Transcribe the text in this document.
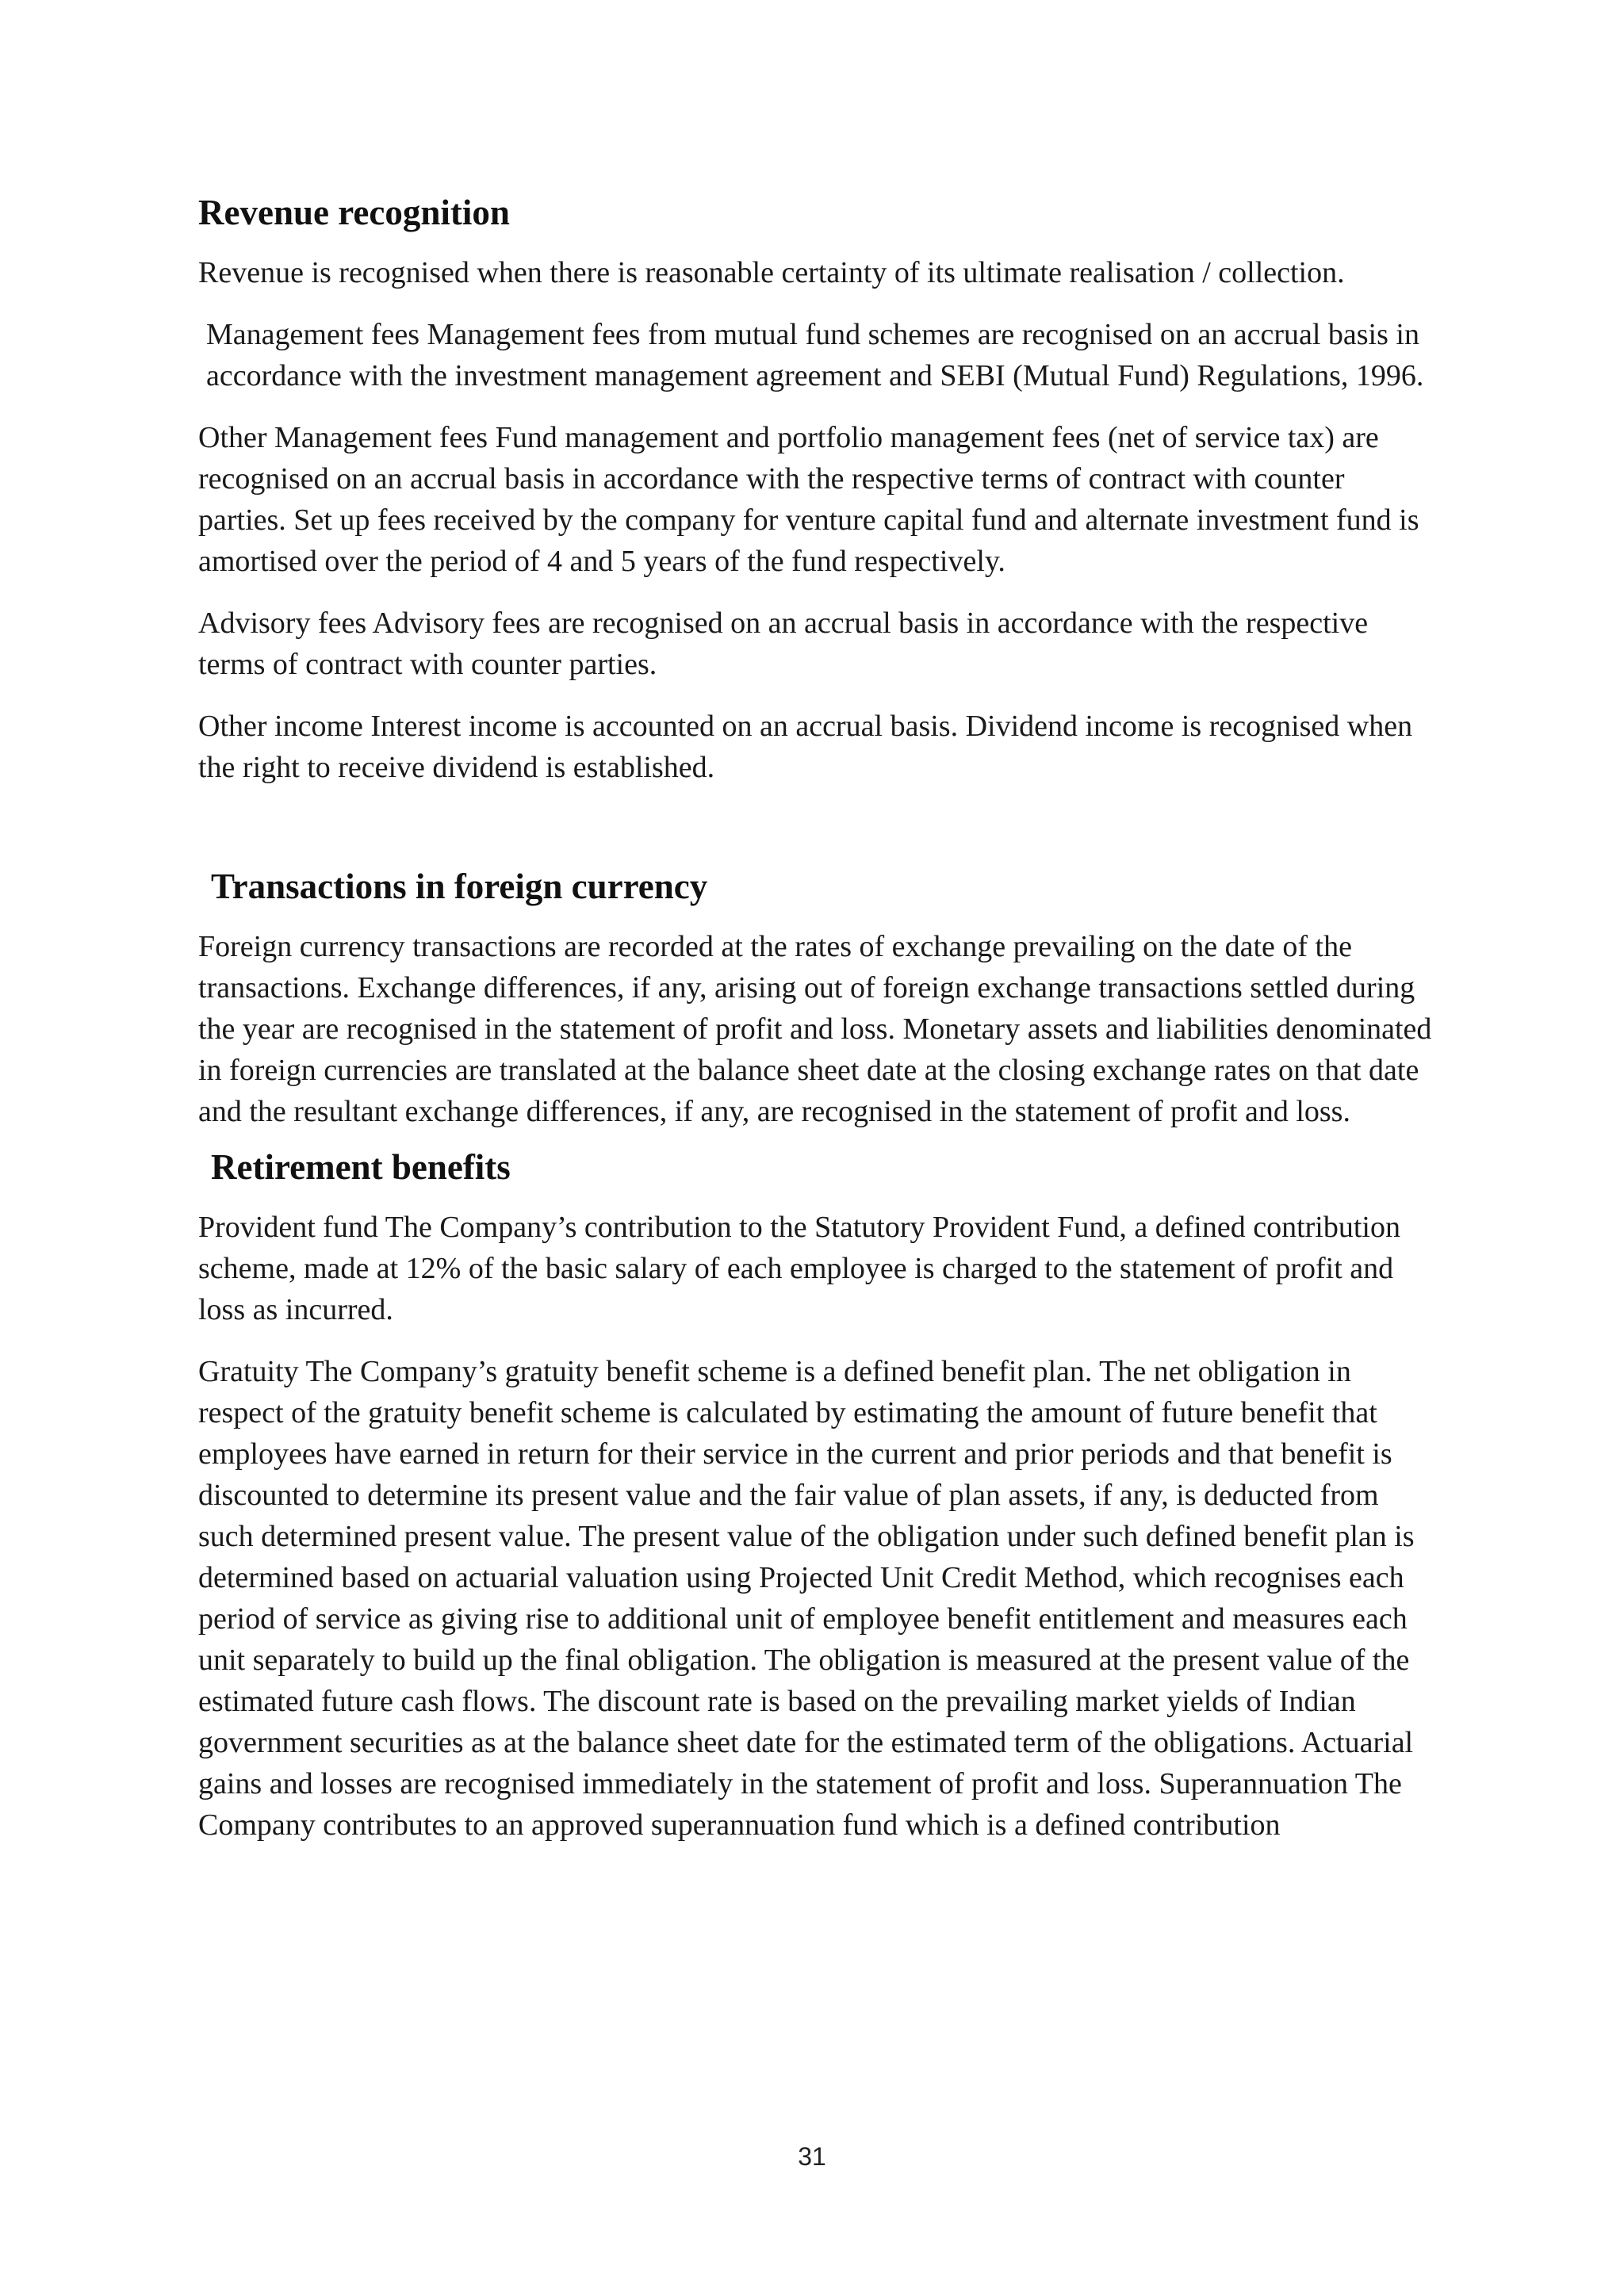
Revenue recognition

Revenue is recognised when there is reasonable certainty of its ultimate realisation / collection.

Management fees Management fees from mutual fund schemes are recognised on an accrual basis in accordance with the investment management agreement and SEBI (Mutual Fund) Regulations, 1996.

Other Management fees Fund management and portfolio management fees (net of service tax) are recognised on an accrual basis in accordance with the respective terms of contract with counter parties. Set up fees received by the company for venture capital fund and alternate investment fund is amortised over the period of 4 and 5 years of the fund respectively.

Advisory fees Advisory fees are recognised on an accrual basis in accordance with the respective terms of contract with counter parties.

Other income Interest income is accounted on an accrual basis. Dividend income is recognised when the right to receive dividend is established.

Transactions in foreign currency

Foreign currency transactions are recorded at the rates of exchange prevailing on the date of the transactions. Exchange differences, if any, arising out of foreign exchange transactions settled during the year are recognised in the statement of profit and loss. Monetary assets and liabilities denominated in foreign currencies are translated at the balance sheet date at the closing exchange rates on that date and the resultant exchange differences, if any, are recognised in the statement of profit and loss.

Retirement benefits

Provident fund The Company’s contribution to the Statutory Provident Fund, a defined contribution scheme, made at 12% of the basic salary of each employee is charged to the statement of profit and loss as incurred.

Gratuity The Company’s gratuity benefit scheme is a defined benefit plan. The net obligation in respect of the gratuity benefit scheme is calculated by estimating the amount of future benefit that employees have earned in return for their service in the current and prior periods and that benefit is discounted to determine its present value and the fair value of plan assets, if any, is deducted from such determined present value. The present value of the obligation under such defined benefit plan is determined based on actuarial valuation using Projected Unit Credit Method, which recognises each period of service as giving rise to additional unit of employee benefit entitlement and measures each unit separately to build up the final obligation. The obligation is measured at the present value of the estimated future cash flows. The discount rate is based on the prevailing market yields of Indian government securities as at the balance sheet date for the estimated term of the obligations. Actuarial gains and losses are recognised immediately in the statement of profit and loss. Superannuation The Company contributes to an approved superannuation fund which is a defined contribution

31
